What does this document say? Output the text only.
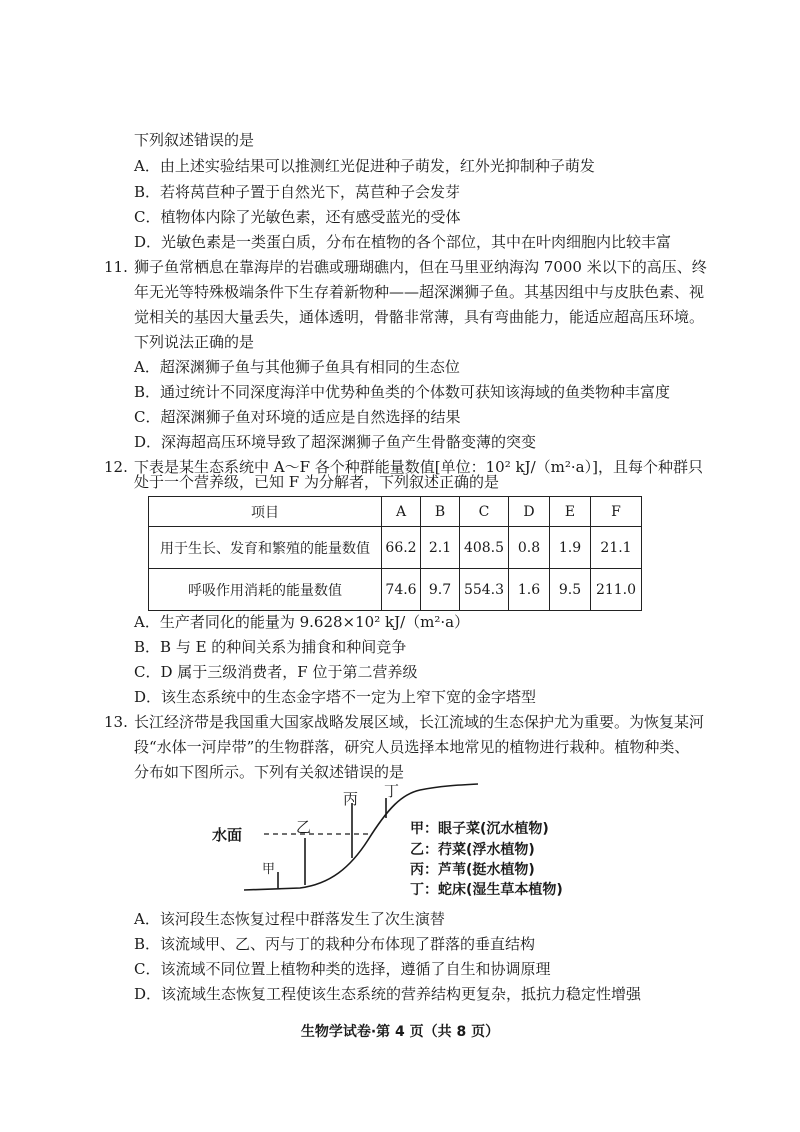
下列叙述错误的是
A．由上述实验结果可以推测红光促进种子萌发，红外光抑制种子萌发
B．若将莴苣种子置于自然光下，莴苣种子会发芽
C．植物体内除了光敏色素，还有感受蓝光的受体
D．光敏色素是一类蛋白质，分布在植物的各个部位，其中在叶肉细胞内比较丰富
11. 狮子鱼常栖息在靠海岸的岩礁或珊瑚礁内，但在马里亚纳海沟 7000 米以下的高压、终
年无光等特殊极端条件下生存着新物种——超深渊狮子鱼。其基因组中与皮肤色素、视
觉相关的基因大量丢失，通体透明，骨骼非常薄，具有弯曲能力，能适应超高压环境。
下列说法正确的是
A．超深渊狮子鱼与其他狮子鱼具有相同的生态位
B．通过统计不同深度海洋中优势种鱼类的个体数可获知该海域的鱼类物种丰富度
C．超深渊狮子鱼对环境的适应是自然选择的结果
D．深海超高压环境导致了超深渊狮子鱼产生骨骼变薄的突变
12. 下表是某生态系统中 A～F 各个种群能量数值[单位：10² kJ/（m²·a）]，且每个种群只
处于一个营养级，已知 F 为分解者，下列叙述正确的是
项目	A	B	C	D	E	F
用于生长、发育和繁殖的能量数值	66.2	2.1	408.5	0.8	1.9	21.1
呼吸作用消耗的能量数值	74.6	9.7	554.3	1.6	9.5	211.0
A．生产者同化的能量为 9.628×10² kJ/（m²·a）
B．B 与 E 的种间关系为捕食和种间竞争
C．D 属于三级消费者，F 位于第二营养级
D．该生态系统中的生态金字塔不一定为上窄下宽的金字塔型
13. 长江经济带是我国重大国家战略发展区域，长江流域的生态保护尤为重要。为恢复某河
段“水体一河岸带”的生物群落，研究人员选择本地常见的植物进行栽种。植物种类、
分布如下图所示。下列有关叙述错误的是
水面
甲
乙
丙 丁
甲：眼子菜(沉水植物)
乙：荇菜(浮水植物)
丙：芦苇(挺水植物)
丁：蛇床(湿生草本植物)
A．该河段生态恢复过程中群落发生了次生演替
B．该流域甲、乙、丙与丁的栽种分布体现了群落的垂直结构
C．该流域不同位置上植物种类的选择，遵循了自生和协调原理
D．该流域生态恢复工程使该生态系统的营养结构更复杂，抵抗力稳定性增强
生物学试卷·第 4 页（共 8 页）
